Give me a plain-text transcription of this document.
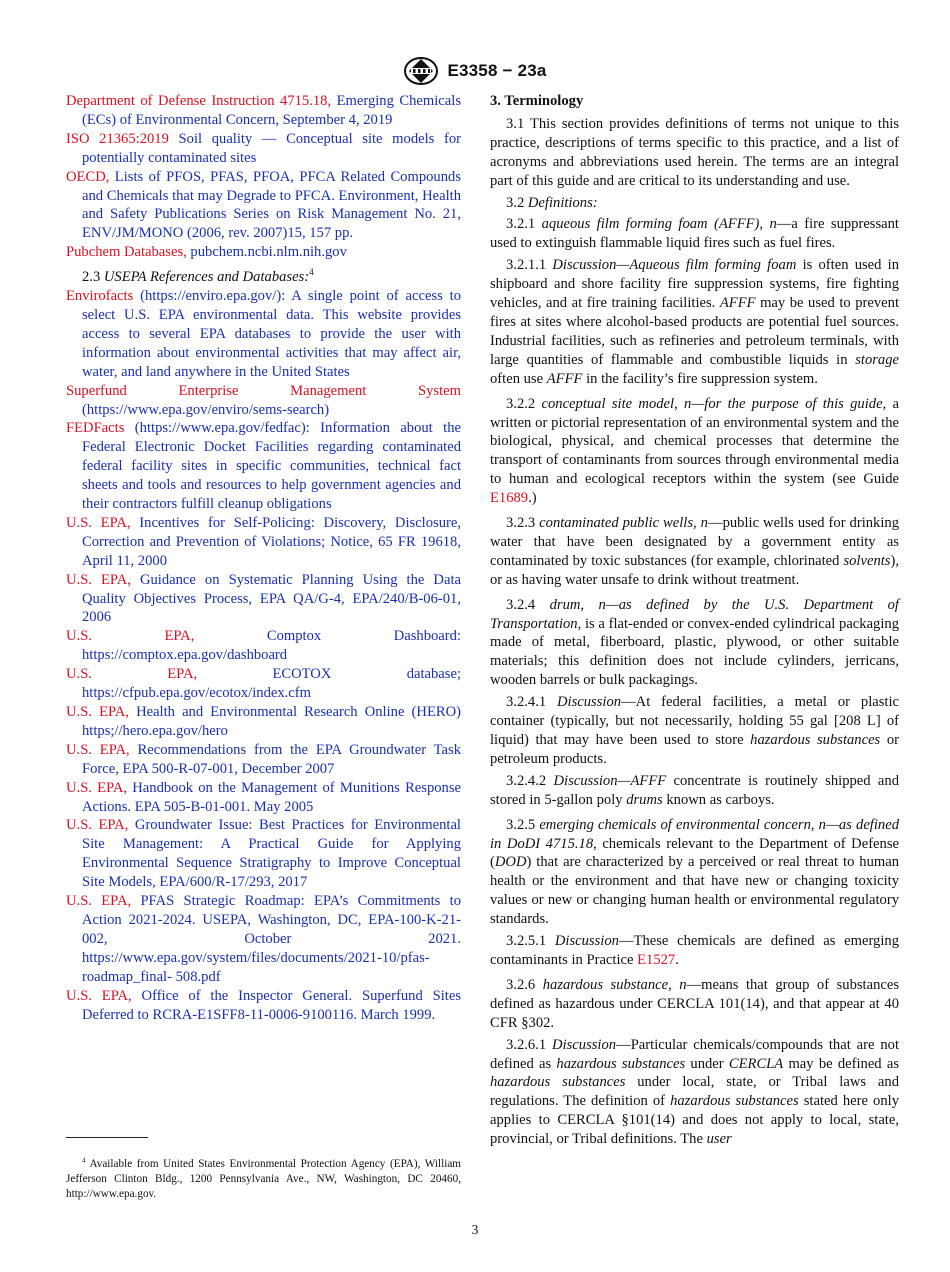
E3358 − 23a

Department of Defense Instruction 4715.18, Emerging Chemicals (ECs) of Environmental Concern, September 4, 2019

ISO 21365:2019 Soil quality — Conceptual site models for potentially contaminated sites

OECD, Lists of PFOS, PFAS, PFOA, PFCA Related Compounds and Chemicals that may Degrade to PFCA. Environment, Health and Safety Publications Series on Risk Management No. 21, ENV/JM/MONO (2006, rev. 2007)15, 157 pp.

Pubchem Databases, pubchem.ncbi.nlm.nih.gov

2.3 USEPA References and Databases:$^4$

Envirofacts (https://enviro.epa.gov/): A single point of access to select U.S. EPA environmental data. This website provides access to several EPA databases to provide the user with information about environmental activities that may affect air, water, and land anywhere in the United States

Superfund Enterprise Management System (https://www.epa.gov/enviro/sems-search)

FEDFacts (https://www.epa.gov/fedfac): Information about the Federal Electronic Docket Facilities regarding contaminated federal facility sites in specific communities, technical fact sheets and tools and resources to help government agencies and their contractors fulfill cleanup obligations

U.S. EPA, Incentives for Self-Policing: Discovery, Disclosure, Correction and Prevention of Violations; Notice, 65 FR 19618, April 11, 2000

U.S. EPA, Guidance on Systematic Planning Using the Data Quality Objectives Process, EPA QA/G-4, EPA/240/B-06-01, 2006

U.S. EPA, Comptox Dashboard: https://comptox.epa.gov/dashboard

U.S. EPA, ECOTOX database; https://cfpub.epa.gov/ecotox/index.cfm

U.S. EPA, Health and Environmental Research Online (HERO) https;//hero.epa.gov/hero

U.S. EPA, Recommendations from the EPA Groundwater Task Force, EPA 500-R-07-001, December 2007

U.S. EPA, Handbook on the Management of Munitions Response Actions. EPA 505-B-01-001. May 2005

U.S. EPA, Groundwater Issue: Best Practices for Environmental Site Management: A Practical Guide for Applying Environmental Sequence Stratigraphy to Improve Conceptual Site Models, EPA/600/R-17/293, 2017

U.S. EPA, PFAS Strategic Roadmap: EPA’s Commitments to Action 2021-2024. USEPA, Washington, DC, EPA-100-K-21-002, October 2021. https://www.epa.gov/system/files/documents/2021-10/pfas-roadmap_final- 508.pdf

U.S. EPA, Office of the Inspector General. Superfund Sites Deferred to RCRA-E1SFF8-11-0006-9100116. March 1999.

3. Terminology

3.1 This section provides definitions of terms not unique to this practice, descriptions of terms specific to this practice, and a list of acronyms and abbreviations used herein. The terms are an integral part of this guide and are critical to its understanding and use.

3.2 Definitions:

3.2.1 aqueous film forming foam (AFFF), n—a fire suppressant used to extinguish flammable liquid fires such as fuel fires.

3.2.1.1 Discussion—Aqueous film forming foam is often used in shipboard and shore facility fire suppression systems, fire fighting vehicles, and at fire training facilities. AFFF may be used to prevent fires at sites where alcohol-based products are potential fuel sources. Industrial facilities, such as refineries and petroleum terminals, with large quantities of flammable and combustible liquids in storage often use AFFF in the facility’s fire suppression system.

3.2.2 conceptual site model, n—for the purpose of this guide, a written or pictorial representation of an environmental system and the biological, physical, and chemical processes that determine the transport of contaminants from sources through environmental media to human and ecological receptors within the system (see Guide E1689.)

3.2.3 contaminated public wells, n—public wells used for drinking water that have been designated by a government entity as contaminated by toxic substances (for example, chlorinated solvents), or as having water unsafe to drink without treatment.

3.2.4 drum, n—as defined by the U.S. Department of Transportation, is a flat-ended or convex-ended cylindrical packaging made of metal, fiberboard, plastic, plywood, or other suitable materials; this definition does not include cylinders, jerricans, wooden barrels or bulk packagings.

3.2.4.1 Discussion—At federal facilities, a metal or plastic container (typically, but not necessarily, holding 55 gal [208 L] of liquid) that may have been used to store hazardous substances or petroleum products.

3.2.4.2 Discussion—AFFF concentrate is routinely shipped and stored in 5-gallon poly drums known as carboys.

3.2.5 emerging chemicals of environmental concern, n—as defined in DoDI 4715.18, chemicals relevant to the Department of Defense (DOD) that are characterized by a perceived or real threat to human health or the environment and that have new or changing toxicity values or new or changing human health or environmental regulatory standards.

3.2.5.1 Discussion—These chemicals are defined as emerging contaminants in Practice E1527.

3.2.6 hazardous substance, n—means that group of substances defined as hazardous under CERCLA 101(14), and that appear at 40 CFR §302.

3.2.6.1 Discussion—Particular chemicals/compounds that are not defined as hazardous substances under CERCLA may be defined as hazardous substances under local, state, or Tribal laws and regulations. The definition of hazardous substances stated here only applies to CERCLA §101(14) and does not apply to local, state, provincial, or Tribal definitions. The user

$^4$ Available from United States Environmental Protection Agency (EPA), William Jefferson Clinton Bldg., 1200 Pennsylvania Ave., NW, Washington, DC 20460, http://www.epa.gov.

3
